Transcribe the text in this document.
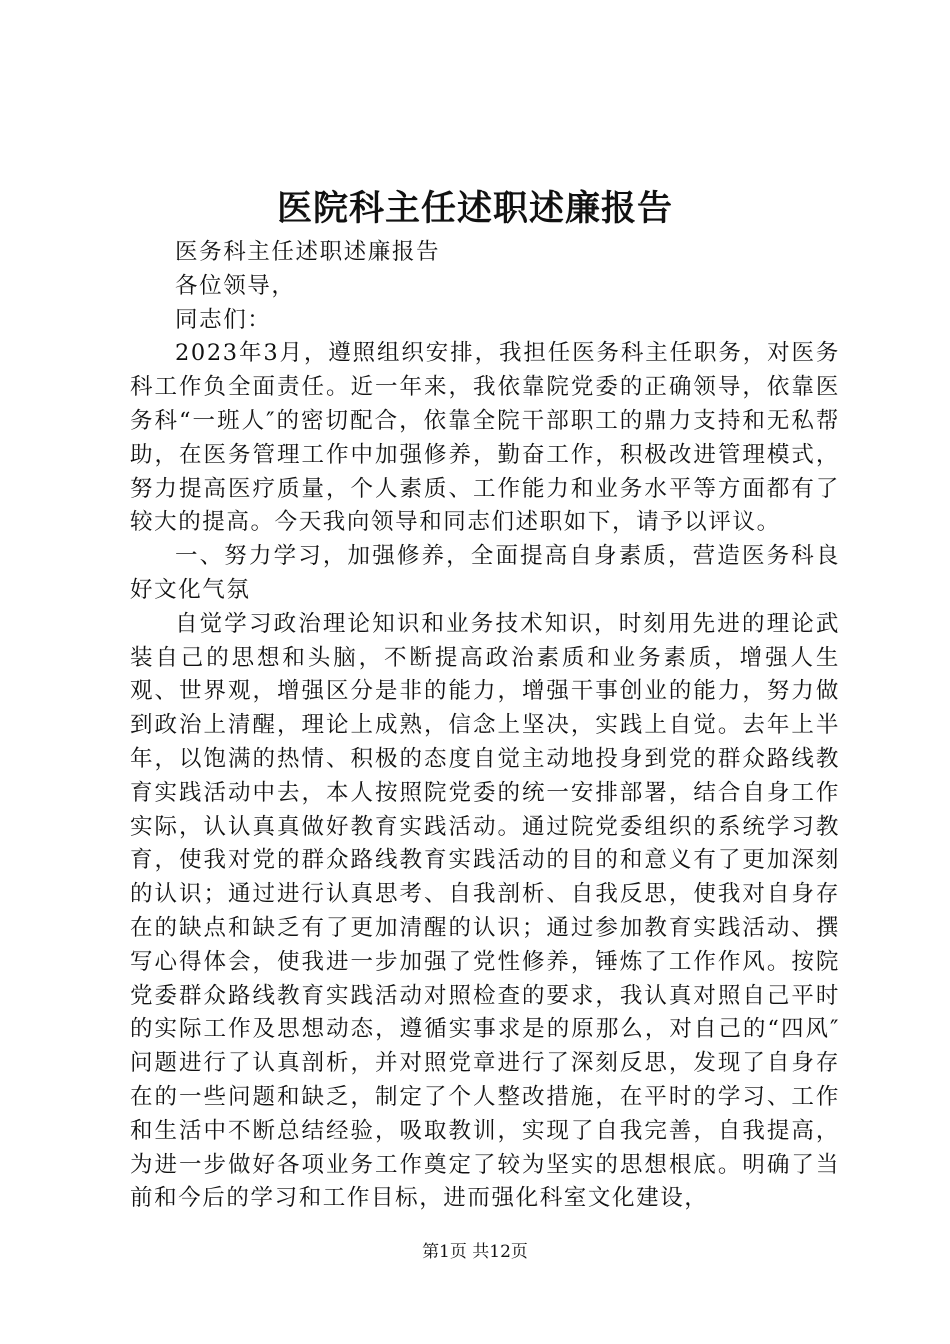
医院科主任述职述廉报告

医务科主任述职述廉报告

各位领导，

同志们：

2023年3月，遵照组织安排，我担任医务科主任职务，对医务科工作负全面责任。近一年来，我依靠院党委的正确领导，依靠医务科“一班人″的密切配合，依靠全院干部职工的鼎力支持和无私帮助，在医务管理工作中加强修养，勤奋工作，积极改进管理模式，努力提高医疗质量，个人素质、工作能力和业务水平等方面都有了较大的提高。今天我向领导和同志们述职如下，请予以评议。

一、努力学习，加强修养，全面提高自身素质，营造医务科良好文化气氛

自觉学习政治理论知识和业务技术知识，时刻用先进的理论武装自己的思想和头脑，不断提高政治素质和业务素质，增强人生观、世界观，增强区分是非的能力，增强干事创业的能力，努力做到政治上清醒，理论上成熟，信念上坚决，实践上自觉。去年上半年，以饱满的热情、积极的态度自觉主动地投身到党的群众路线教育实践活动中去，本人按照院党委的统一安排部署，结合自身工作实际，认认真真做好教育实践活动。通过院党委组织的系统学习教育，使我对党的群众路线教育实践活动的目的和意义有了更加深刻的认识；通过进行认真思考、自我剖析、自我反思，使我对自身存在的缺点和缺乏有了更加清醒的认识；通过参加教育实践活动、撰写心得体会，使我进一步加强了党性修养，锤炼了工作作风。按院党委群众路线教育实践活动对照检查的要求，我认真对照自己平时的实际工作及思想动态，遵循实事求是的原那么，对自己的“四风″问题进行了认真剖析，并对照党章进行了深刻反思，发现了自身存在的一些问题和缺乏，制定了个人整改措施，在平时的学习、工作和生活中不断总结经验，吸取教训，实现了自我完善，自我提高，为进一步做好各项业务工作奠定了较为坚实的思想根底。明确了当前和今后的学习和工作目标，进而强化科室文化建设，

第1页 共12页
